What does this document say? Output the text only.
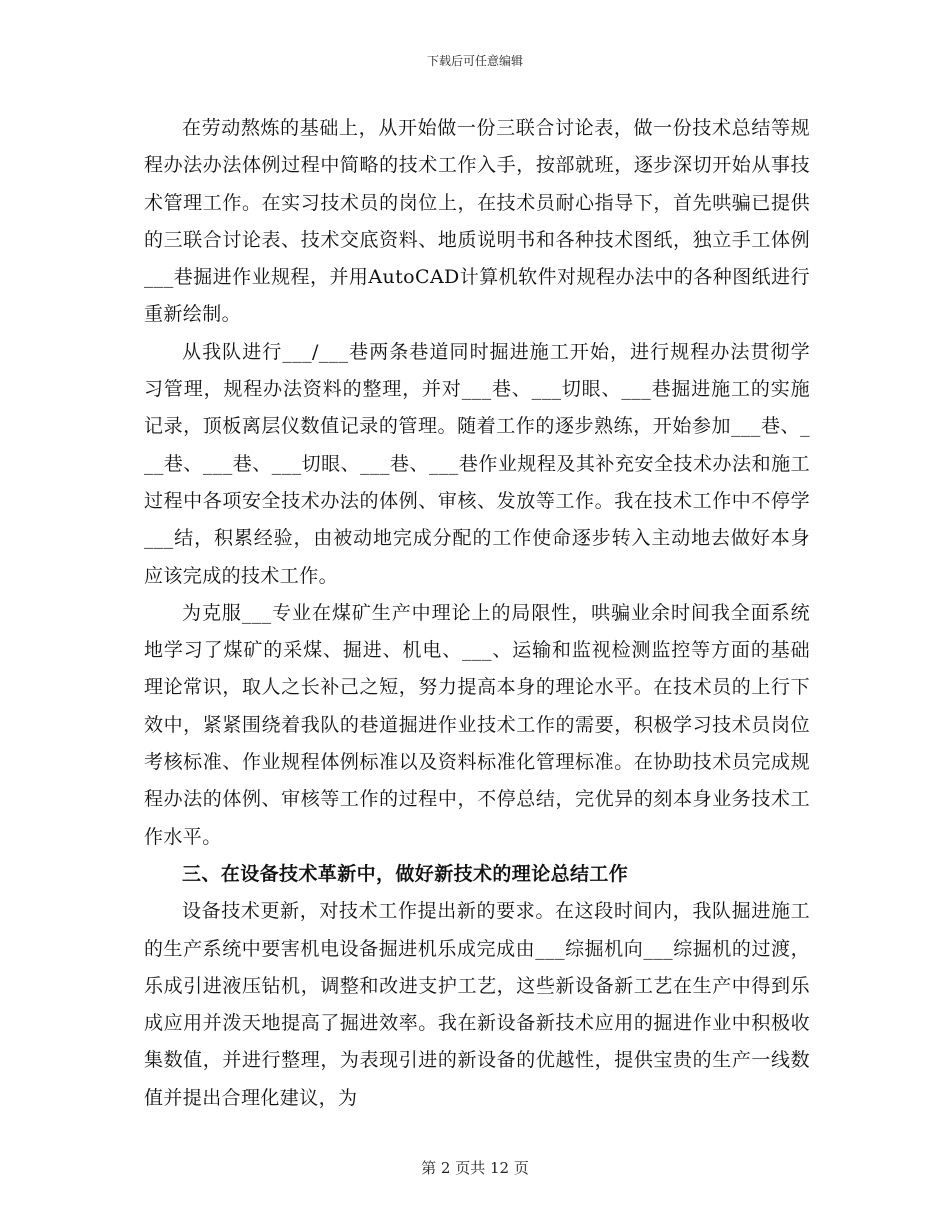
下载后可任意编辑

在劳动熬炼的基础上，从开始做一份三联合讨论表，做一份技术总结等规程办法办法体例过程中简略的技术工作入手，按部就班，逐步深切开始从事技术管理工作。在实习技术员的岗位上，在技术员耐心指导下，首先哄骗已提供的三联合讨论表、技术交底资料、地质说明书和各种技术图纸，独立手工体例___巷掘进作业规程，并用AutoCAD计算机软件对规程办法中的各种图纸进行重新绘制。

从我队进行___/___巷两条巷道同时掘进施工开始，进行规程办法贯彻学习管理，规程办法资料的整理，并对___巷、___切眼、___巷掘进施工的实施记录，顶板离层仪数值记录的管理。随着工作的逐步熟练，开始参加___巷、___巷、___巷、___切眼、___巷、___巷作业规程及其补充安全技术办法和施工过程中各项安全技术办法的体例、审核、发放等工作。我在技术工作中不停学___结，积累经验，由被动地完成分配的工作使命逐步转入主动地去做好本身应该完成的技术工作。

为克服___专业在煤矿生产中理论上的局限性，哄骗业余时间我全面系统地学习了煤矿的采煤、掘进、机电、___、运输和监视检测监控等方面的基础理论常识，取人之长补己之短，努力提高本身的理论水平。在技术员的上行下效中，紧紧围绕着我队的巷道掘进作业技术工作的需要，积极学习技术员岗位考核标准、作业规程体例标准以及资料标准化管理标准。在协助技术员完成规程办法的体例、审核等工作的过程中，不停总结，完优异的刻本身业务技术工作水平。

三、在设备技术革新中，做好新技术的理论总结工作

设备技术更新，对技术工作提出新的要求。在这段时间内，我队掘进施工的生产系统中要害机电设备掘进机乐成完成由___综掘机向___综掘机的过渡，乐成引进液压钻机，调整和改进支护工艺，这些新设备新工艺在生产中得到乐成应用并泼天地提高了掘进效率。我在新设备新技术应用的掘进作业中积极收集数值，并进行整理，为表现引进的新设备的优越性，提供宝贵的生产一线数值并提出合理化建议，为

第 2 页共 12 页
